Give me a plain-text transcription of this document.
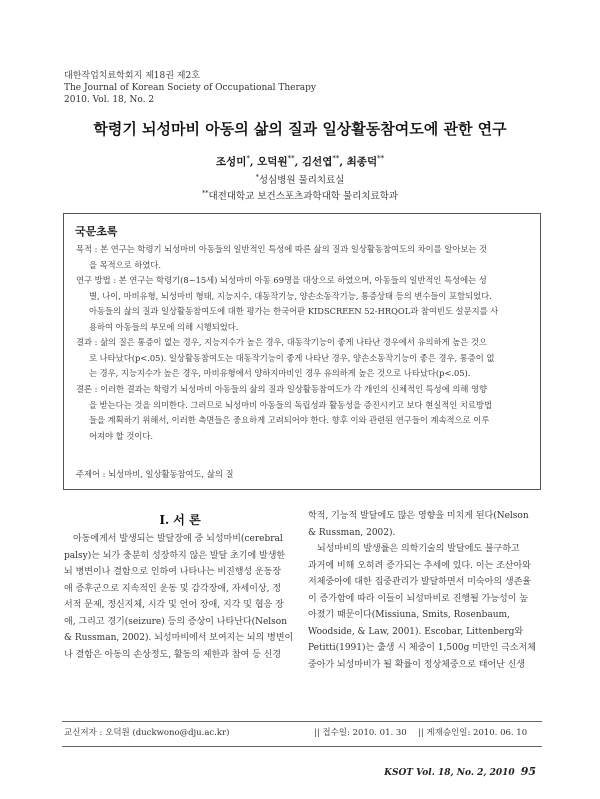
대한작업치료학회지 제18권 제2호
The Journal of Korean Society of Occupational Therapy
2010. Vol. 18, No. 2
학령기 뇌성마비 아동의 삶의 질과 일상활동참여도에 관한 연구
조성미*, 오덕원**, 김선엽**, 최종덕**
*성심병원 물리치료실
**대전대학교 보건스포츠과학대학 물리치료학과
국문초록
목적 : 본 연구는 학령기 뇌성마비 아동들의 일반적인 특성에 따른 삶의 질과 일상활동참여도의 차이를 알아보는 것
을 목적으로 하였다.
연구 방법 : 본 연구는 학령기(8~15세) 뇌성마비 아동 69명을 대상으로 하였으며, 아동들의 일반적인 특성에는 성
별, 나이, 마비유형, 뇌성마비 형태, 지능지수, 대동작기능, 양손소동작기능, 통증상태 등의 변수들이 포함되었다.
아동들의 삶의 질과 일상활동참여도에 대한 평가는 한국어판 KIDSCREEN 52-HRQOL과 참여빈도 설문지를 사
용하여 아동들의 부모에 의해 시행되었다.
결과 : 삶의 질은 통증이 없는 경우, 지능지수가 높은 경우, 대동작기능이 좋게 나타난 경우에서 유의하게 높은 것으
로 나타났다(p<.05). 일상활동참여도는 대동작기능이 좋게 나타난 경우, 양손소동작기능이 좋은 경우, 통증이 없
는 경우, 지능지수가 높은 경우, 마비유형에서 양하지마비인 경우 유의하게 높은 것으로 나타났다(p<.05).
결론 : 이러한 결과는 학령기 뇌성마비 아동들의 삶의 질과 일상활동참여도가 각 개인의 신체적인 특성에 의해 영향
을 받는다는 것을 의미한다. 그러므로 뇌성마비 아동들의 독립성과 활동성을 증진시키고 보다 현실적인 치료방법
들을 계획하기 위해서, 이러한 측면들은 중요하게 고려되어야 한다. 향후 이와 관련된 연구들이 계속적으로 이루
어져야 할 것이다.
주제어 : 뇌성마비, 일상활동참여도, 삶의 질
Ⅰ. 서 론
아동에게서 발생되는 발달장애 중 뇌성마비(cerebral
palsy)는 뇌가 충분히 성장하지 않은 발달 초기에 발생한
뇌 병변이나 결함으로 인하여 나타나는 비진행성 운동장
애 증후군으로 지속적인 운동 및 감각장애, 자세이상, 정
서적 문제, 정신지체, 시각 및 언어 장애, 지각 및 협응 장
애, 그리고 경기(seizure) 등의 증상이 나타난다(Nelson
& Russman, 2002). 뇌성마비에서 보여지는 뇌의 병변이
나 결함은 아동의 손상정도, 활동의 제한과 참여 등 신경
학적, 기능적 발달에도 많은 영향을 미치게 된다(Nelson
& Russman, 2002).
뇌성마비의 발생률은 의학기술의 발달에도 불구하고
과거에 비해 오히려 증가되는 추세에 있다. 이는 조산아와
저체중아에 대한 집중관리가 발달하면서 미숙아의 생존율
이 증가함에 따라 이들이 뇌성마비로 진행될 가능성이 높
아졌기 때문이다(Missiuna, Smits, Rosenbaum,
Woodside, & Law, 2001). Escobar, Littenberg와
Petitti(1991)는 출생 시 체중이 1,500g 미만인 극소저체
중아가 뇌성마비가 될 확률이 정상체중으로 태어난 신생
교신저자 : 오덕원 (duckwono@dju.ac.kr)	|| 접수일: 2010. 01. 30 || 게재승인일: 2010. 06. 10
KSOT Vol. 18, No. 2, 2010 95
